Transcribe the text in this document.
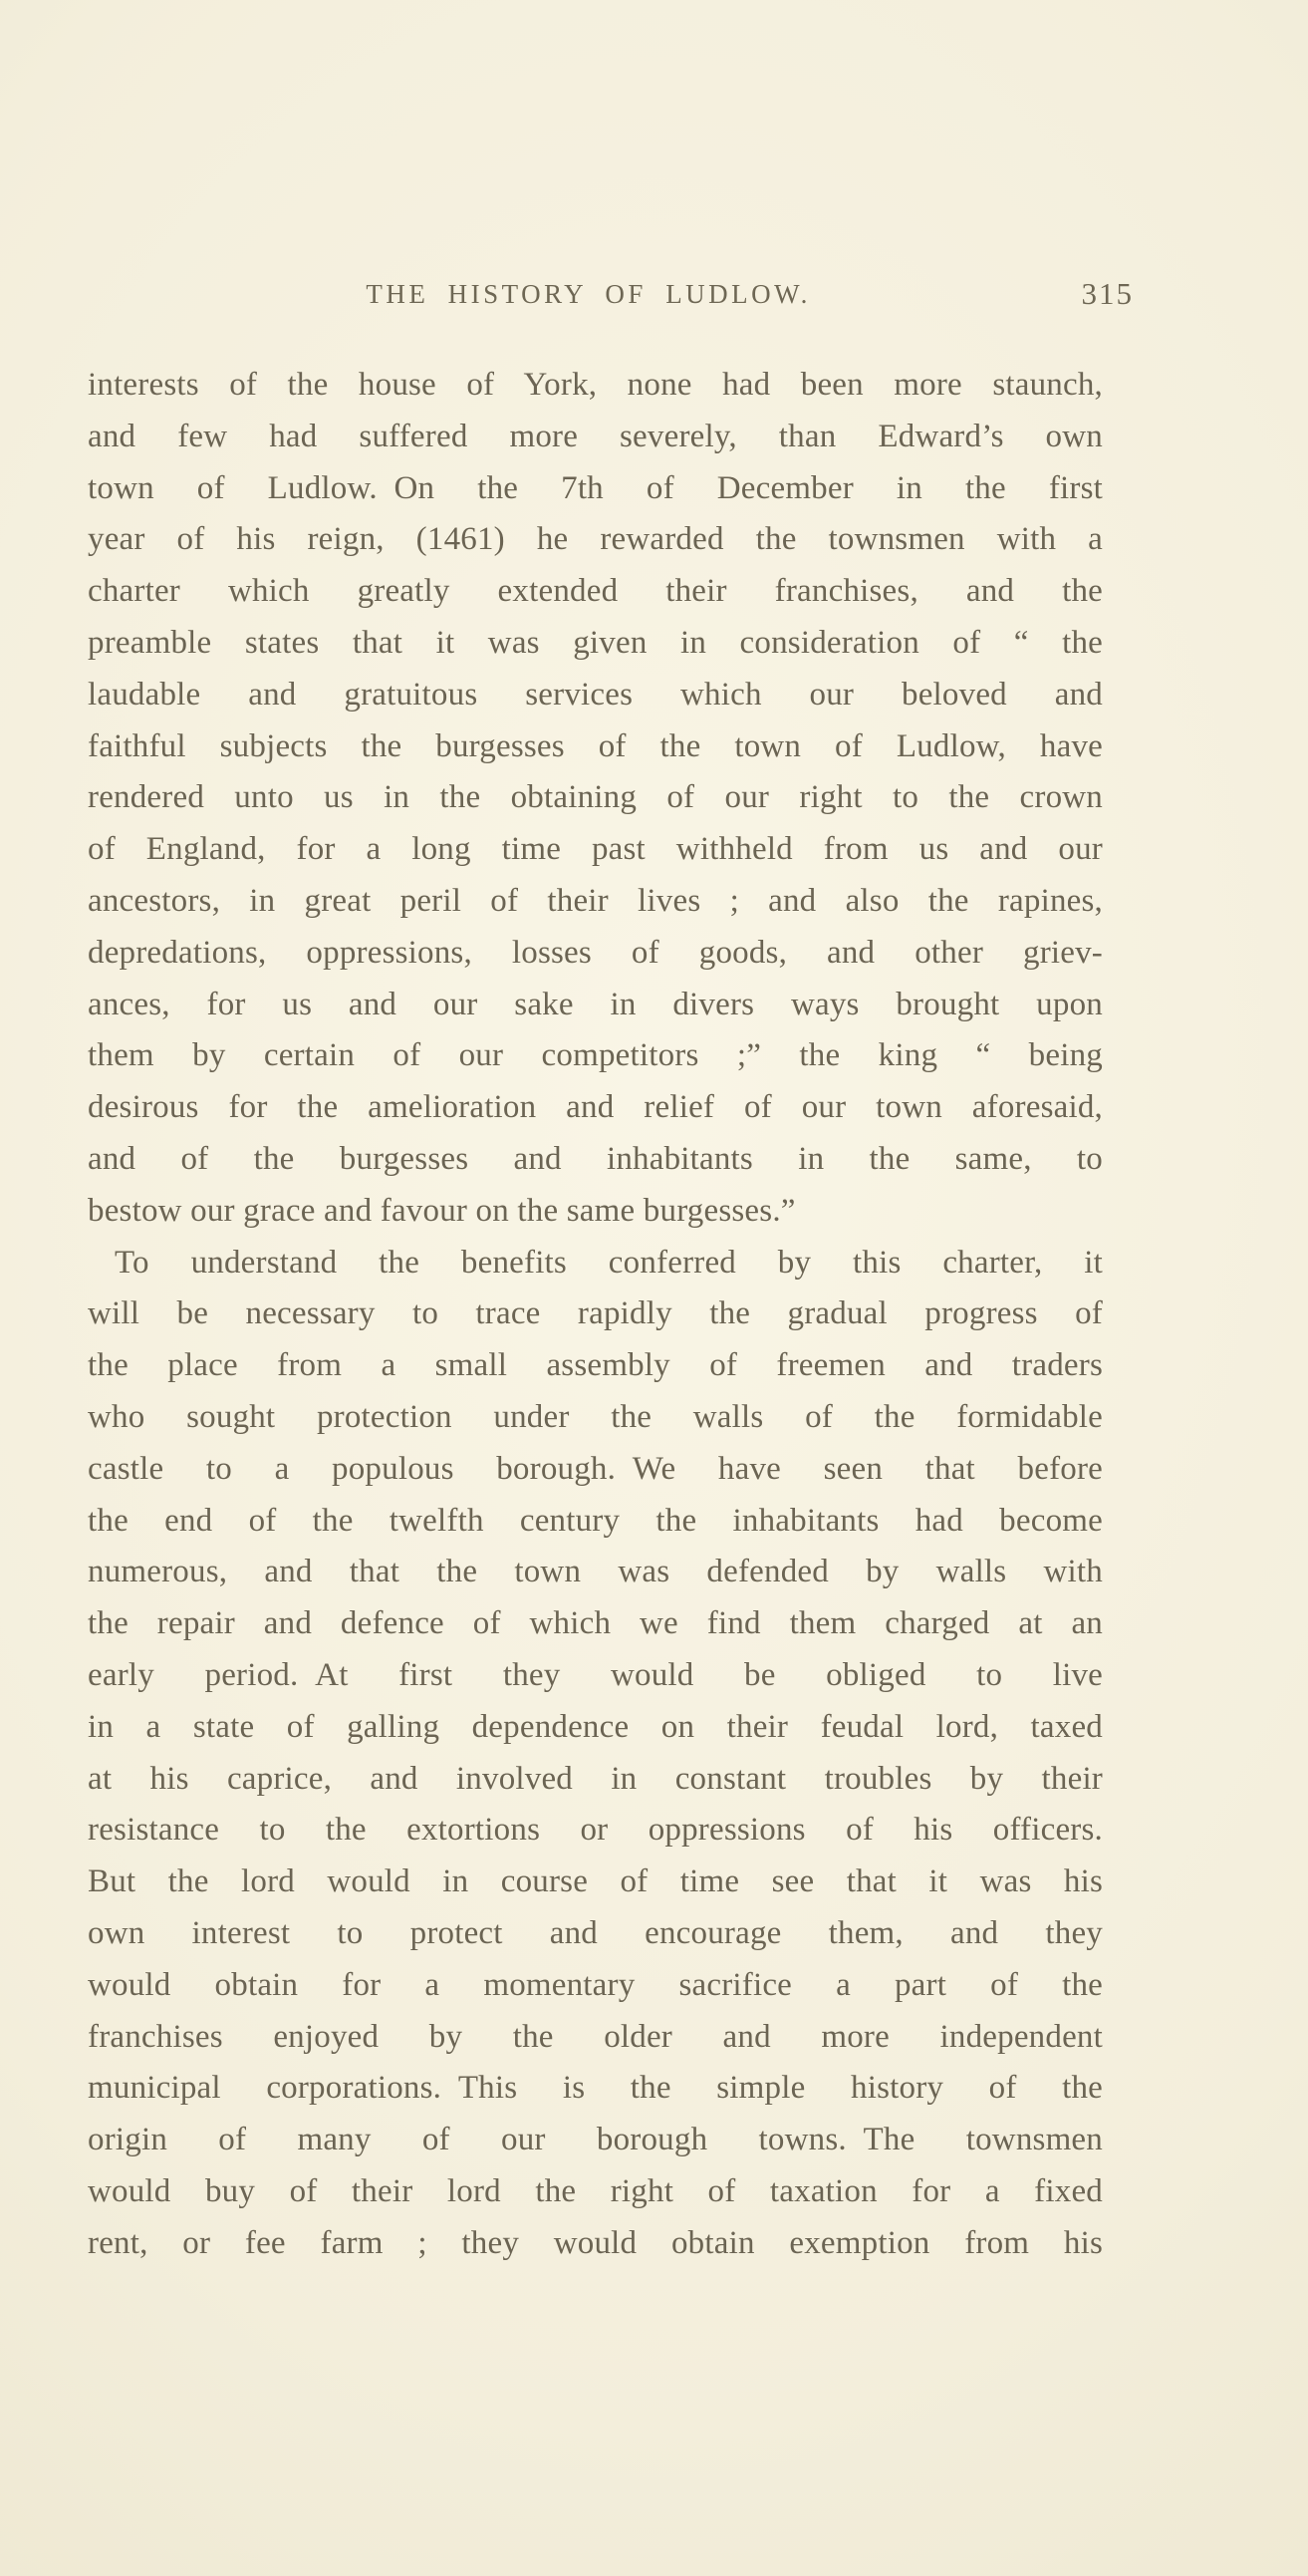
THE HISTORY OF LUDLOW.	315
interests of the house of York, none had been more staunch,
and few had suffered more severely, than Edward’s own
town of Ludlow. On the 7th of December in the first
year of his reign, (1461) he rewarded the townsmen with a
charter which greatly extended their franchises, and the
preamble states that it was given in consideration of “ the
laudable and gratuitous services which our beloved and
faithful subjects the burgesses of the town of Ludlow, have
rendered unto us in the obtaining of our right to the crown
of England, for a long time past withheld from us and our
ancestors, in great peril of their lives ; and also the rapines,
depredations, oppressions, losses of goods, and other griev-
ances, for us and our sake in divers ways brought upon
them by certain of our competitors ;” the king “ being
desirous for the amelioration and relief of our town aforesaid,
and of the burgesses and inhabitants in the same, to
bestow our grace and favour on the same burgesses.”
To understand the benefits conferred by this charter, it
will be necessary to trace rapidly the gradual progress of
the place from a small assembly of freemen and traders
who sought protection under the walls of the formidable
castle to a populous borough. We have seen that before
the end of the twelfth century the inhabitants had become
numerous, and that the town was defended by walls with
the repair and defence of which we find them charged at an
early period. At first they would be obliged to live
in a state of galling dependence on their feudal lord, taxed
at his caprice, and involved in constant troubles by their
resistance to the extortions or oppressions of his officers.
But the lord would in course of time see that it was his
own interest to protect and encourage them, and they
would obtain for a momentary sacrifice a part of the
franchises enjoyed by the older and more independent
municipal corporations. This is the simple history of the
origin of many of our borough towns. The townsmen
would buy of their lord the right of taxation for a fixed
rent, or fee farm ; they would obtain exemption from his
